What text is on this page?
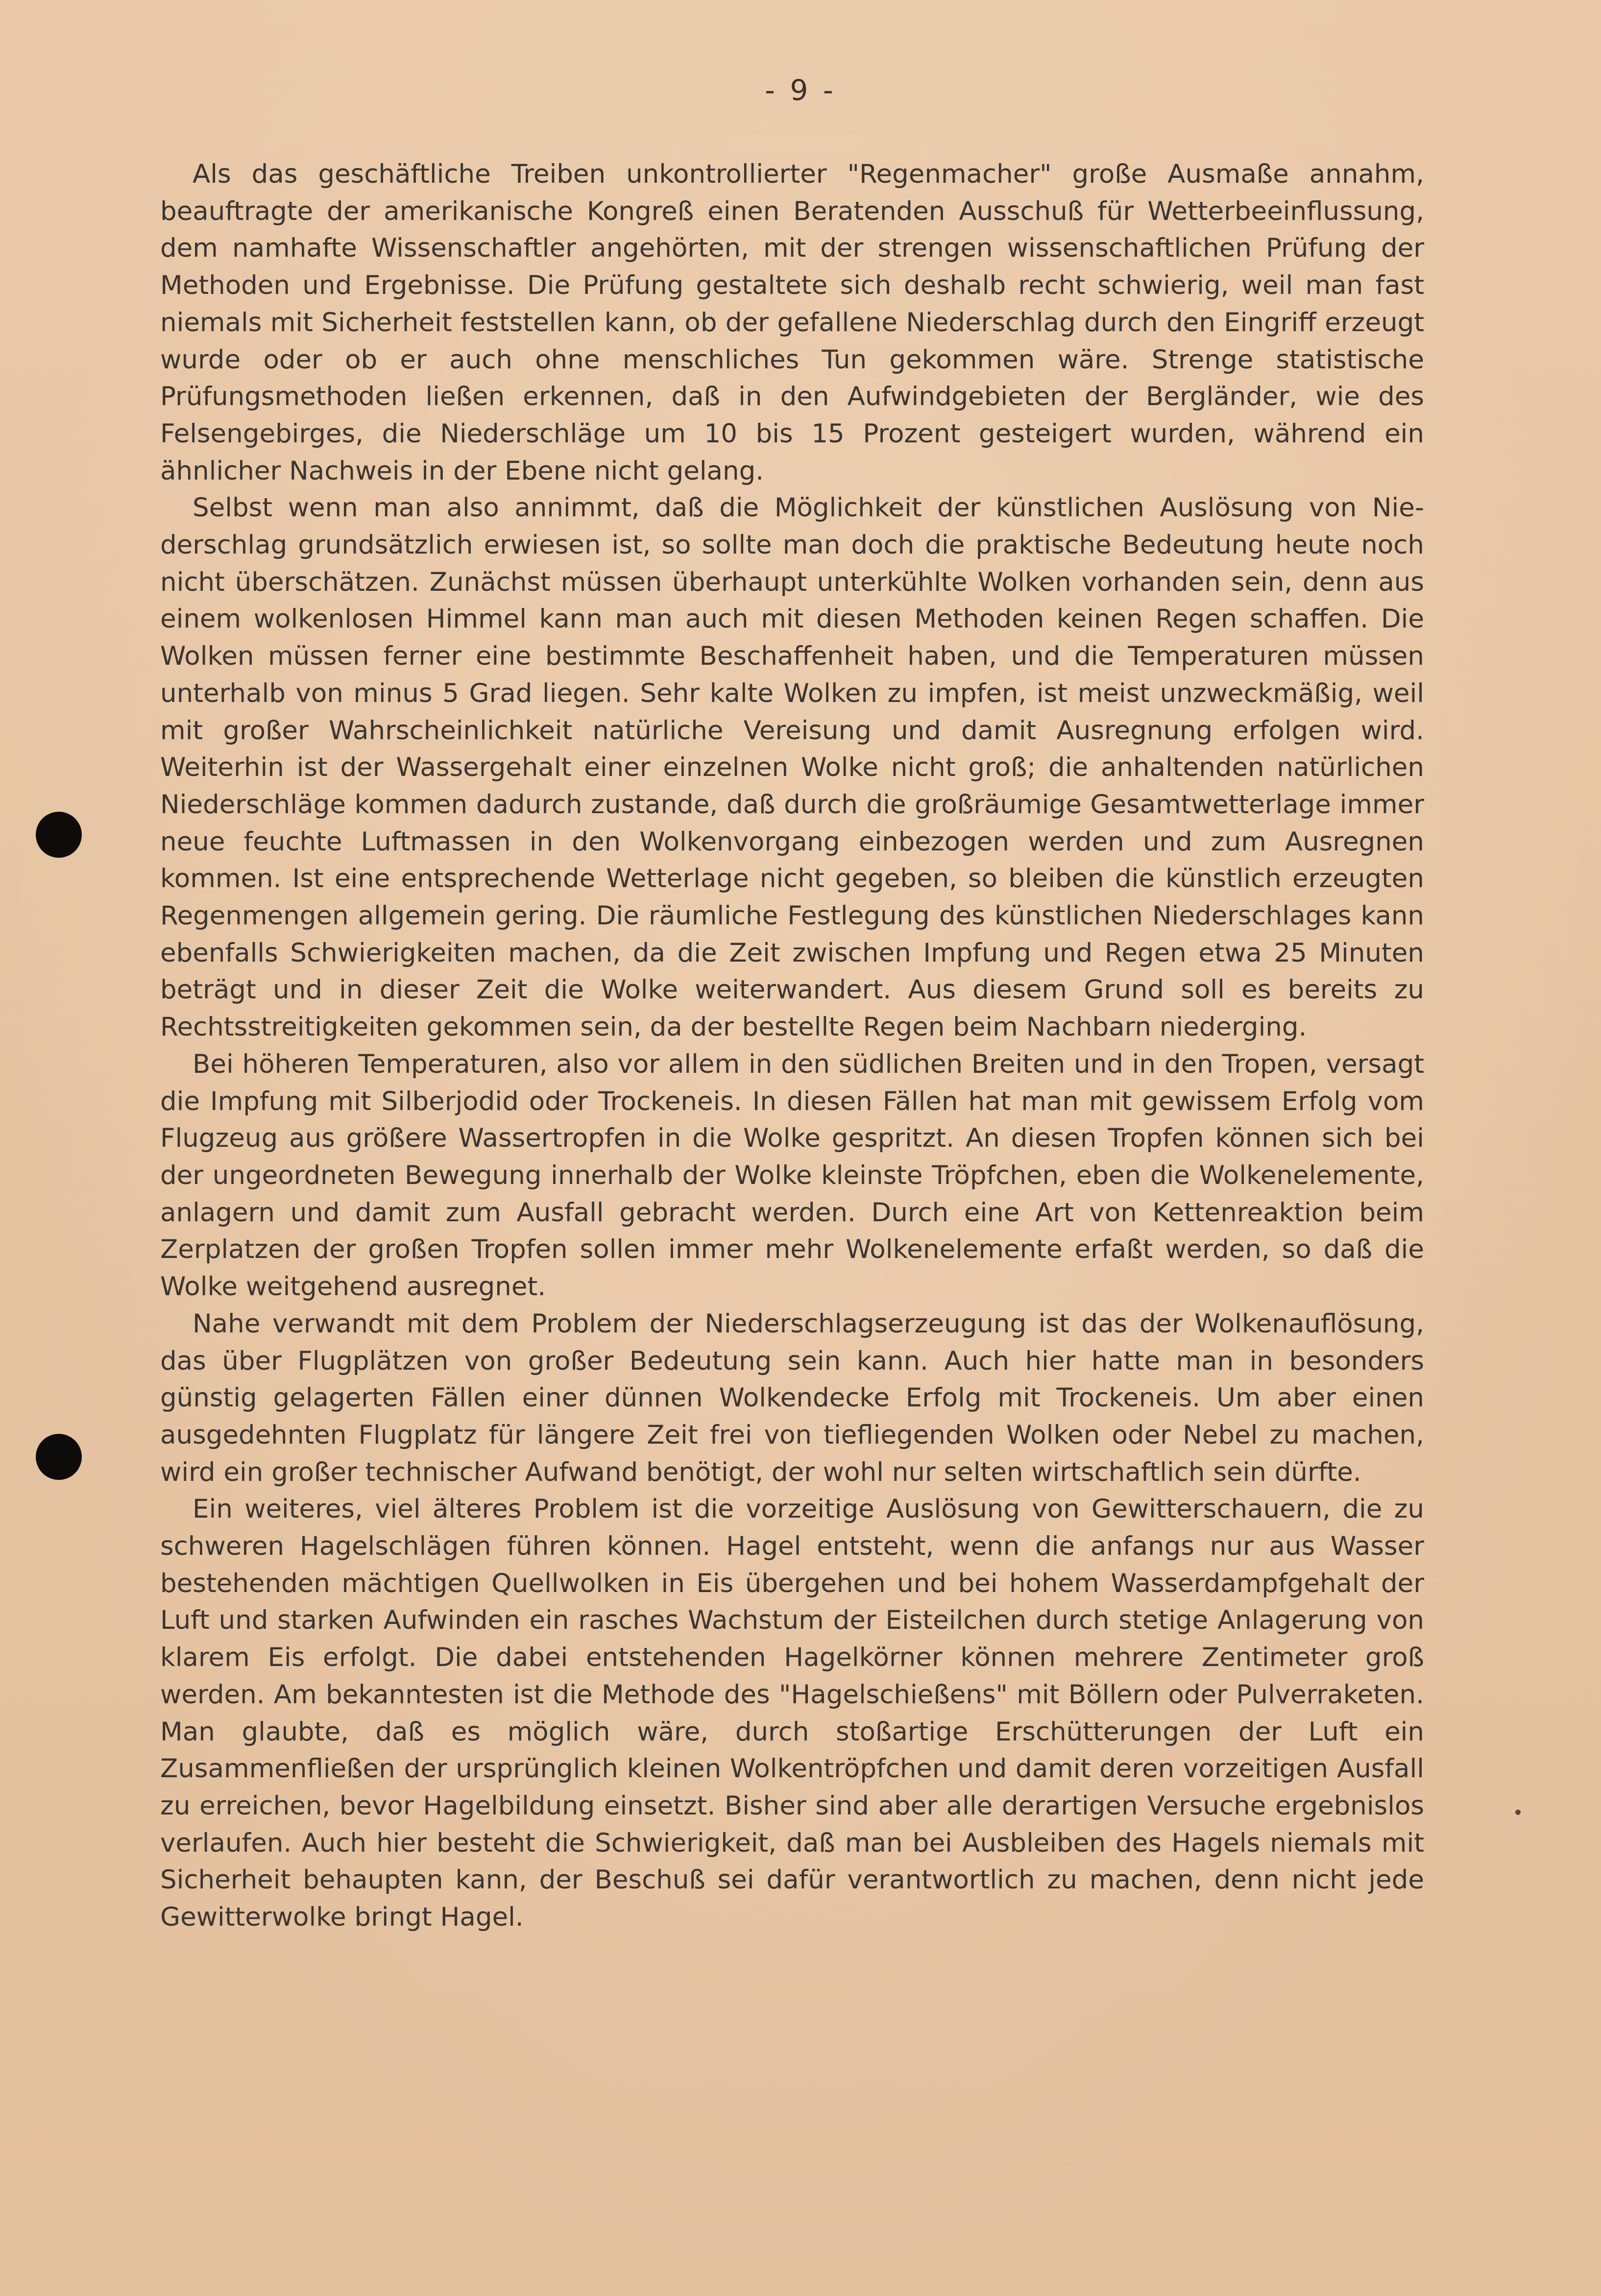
- 9 -

Als das geschäftliche Treiben unkontrollierter "Regenmacher" große Ausmaße annahm, beauftragte der amerikanische Kongreß einen Beratenden Ausschuß für Wetterbeeinflussung, dem namhafte Wissenschaftler angehörten, mit der strengen wissenschaftlichen Prüfung der Methoden und Ergebnisse. Die Prüfung gestaltete sich deshalb recht schwierig, weil man fast niemals mit Sicherheit feststellen kann, ob der gefallene Niederschlag durch den Eingriff erzeugt wurde oder ob er auch ohne menschliches Tun gekommen wäre. Strenge statistische Prüfungsmethoden ließen erkennen, daß in den Aufwindgebieten der Bergländer, wie des Felsengebirges, die Niederschläge um 10 bis 15 Prozent gesteigert wurden, während ein ähnlicher Nachweis in der Ebene nicht gelang.

Selbst wenn man also annimmt, daß die Möglichkeit der künstlichen Auslösung von Niederschlag grundsätzlich erwiesen ist, so sollte man doch die praktische Bedeutung heute noch nicht überschätzen. Zunächst müssen überhaupt unterkühlte Wolken vorhanden sein, denn aus einem wolkenlosen Himmel kann man auch mit diesen Methoden keinen Regen schaffen. Die Wolken müssen ferner eine bestimmte Beschaffenheit haben, und die Temperaturen müssen unterhalb von minus 5 Grad liegen. Sehr kalte Wolken zu impfen, ist meist unzweckmäßig, weil mit großer Wahrscheinlichkeit natürliche Vereisung und damit Ausregnung erfolgen wird. Weiterhin ist der Wassergehalt einer einzelnen Wolke nicht groß; die anhaltenden natürlichen Niederschläge kommen dadurch zustande, daß durch die großräumige Gesamtwetterlage immer neue feuchte Luftmassen in den Wolkenvorgang einbezogen werden und zum Ausregnen kommen. Ist eine entsprechende Wetterlage nicht gegeben, so bleiben die künstlich erzeugten Regenmengen allgemein gering. Die räumliche Festlegung des künstlichen Niederschlages kann ebenfalls Schwierigkeiten machen, da die Zeit zwischen Impfung und Regen etwa 25 Minuten beträgt und in dieser Zeit die Wolke weiterwandert. Aus diesem Grund soll es bereits zu Rechtsstreitigkeiten gekommen sein, da der bestellte Regen beim Nachbarn niederging.

Bei höheren Temperaturen, also vor allem in den südlichen Breiten und in den Tropen, versagt die Impfung mit Silberjodid oder Trockeneis. In diesen Fällen hat man mit gewissem Erfolg vom Flugzeug aus größere Wassertropfen in die Wolke gespritzt. An diesen Tropfen können sich bei der ungeordneten Bewegung innerhalb der Wolke kleinste Tröpfchen, eben die Wolkenelemente, anlagern und damit zum Ausfall gebracht werden. Durch eine Art von Kettenreaktion beim Zerplatzen der großen Tropfen sollen immer mehr Wolkenelemente erfaßt werden, so daß die Wolke weitgehend ausregnet.

Nahe verwandt mit dem Problem der Niederschlagserzeugung ist das der Wolkenauflösung, das über Flugplätzen von großer Bedeutung sein kann. Auch hier hatte man in besonders günstig gelagerten Fällen einer dünnen Wolkendecke Erfolg mit Trockeneis. Um aber einen ausgedehnten Flugplatz für längere Zeit frei von tiefliegenden Wolken oder Nebel zu machen, wird ein großer technischer Aufwand benötigt, der wohl nur selten wirtschaftlich sein dürfte.

Ein weiteres, viel älteres Problem ist die vorzeitige Auslösung von Gewitterschauern, die zu schweren Hagelschlägen führen können. Hagel entsteht, wenn die anfangs nur aus Wasser bestehenden mächtigen Quellwolken in Eis übergehen und bei hohem Wasserdampfgehalt der Luft und starken Aufwinden ein rasches Wachstum der Eisteilchen durch stetige Anlagerung von klarem Eis erfolgt. Die dabei entstehenden Hagelkörner können mehrere Zentimeter groß werden. Am bekanntesten ist die Methode des "Hagelschießens" mit Böllern oder Pulverraketen. Man glaubte, daß es möglich wäre, durch stoßartige Erschütterungen der Luft ein Zusammenfließen der ursprünglich kleinen Wolkentröpfchen und damit deren vorzeitigen Ausfall zu erreichen, bevor Hagelbildung einsetzt. Bisher sind aber alle derartigen Versuche ergebnislos verlaufen. Auch hier besteht die Schwierigkeit, daß man bei Ausbleiben des Hagels niemals mit Sicherheit behaupten kann, der Beschuß sei dafür verantwortlich zu machen, denn nicht jede Gewitterwolke bringt Hagel.
